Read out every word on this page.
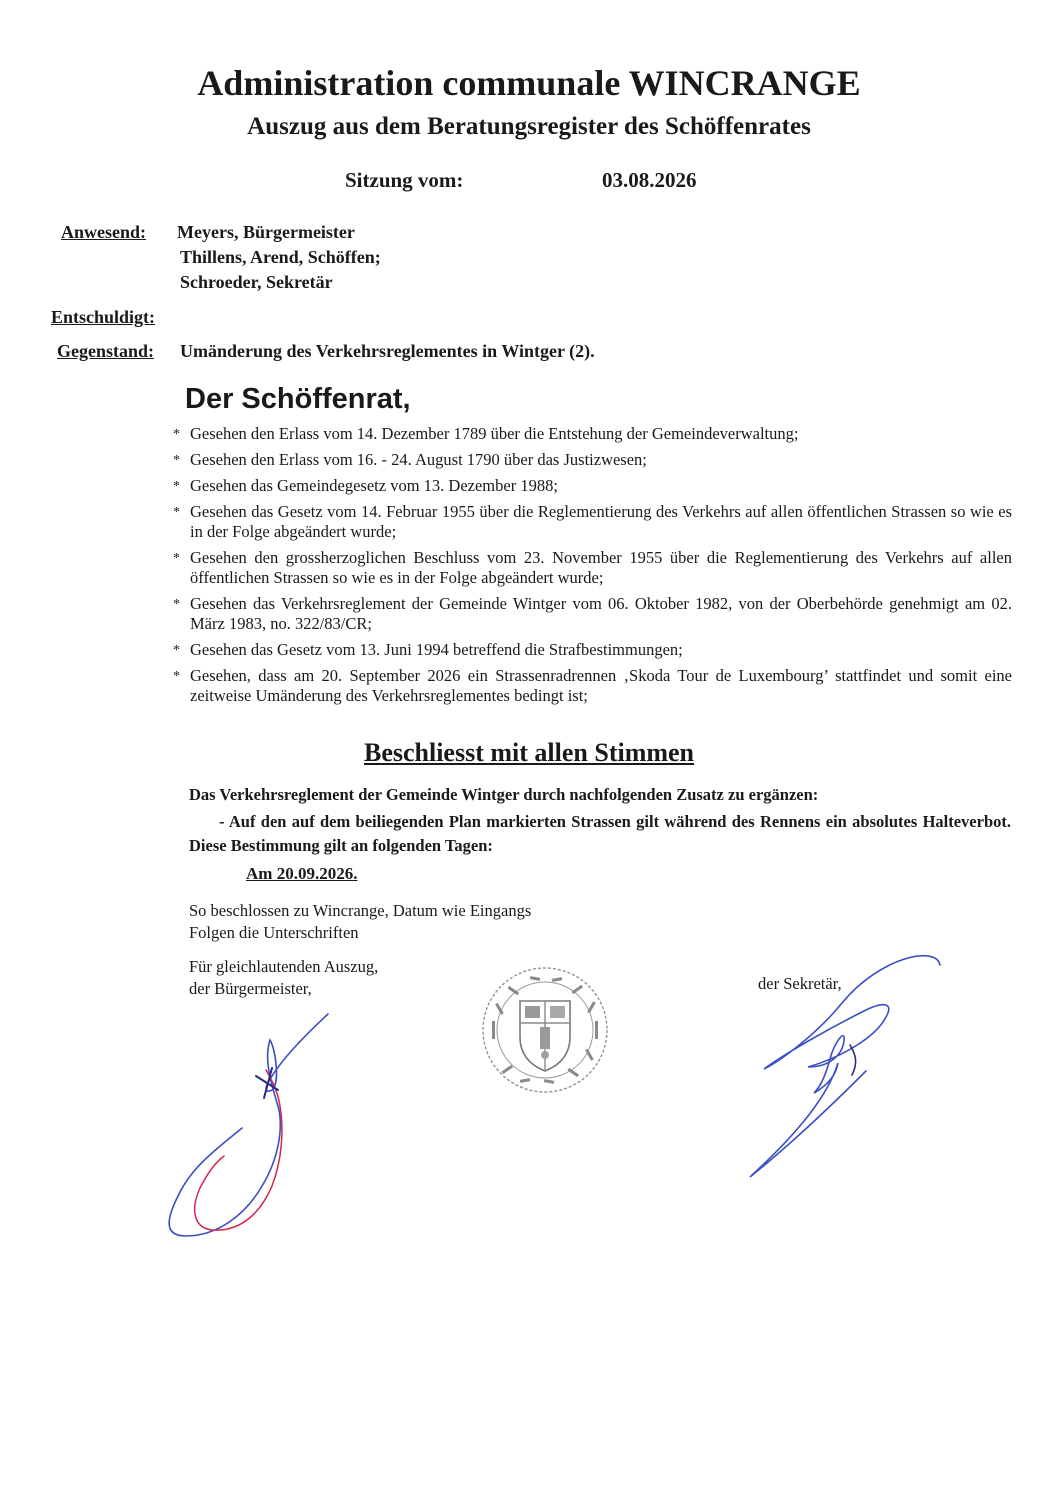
Administration communale WINCRANGE
Auszug aus dem Beratungsregister des Schöffenrates
Sitzung vom:	03.08.2026
Anwesend: Meyers, Bürgermeister
Thillens, Arend, Schöffen;
Schroeder, Sekretär
Entschuldigt:
Gegenstand: Umänderung des Verkehrsreglementes in Wintger (2).
Der Schöffenrat,
* Gesehen den Erlass vom 14. Dezember 1789 über die Entstehung der Gemeindeverwaltung;
* Gesehen den Erlass vom 16. - 24. August 1790 über das Justizwesen;
* Gesehen das Gemeindegesetz vom 13. Dezember 1988;
* Gesehen das Gesetz vom 14. Februar 1955 über die Reglementierung des Verkehrs auf allen öffentlichen Strassen so wie es in der Folge abgeändert wurde;
* Gesehen den grossherzoglichen Beschluss vom 23. November 1955 über die Reglementierung des Verkehrs auf allen öffentlichen Strassen so wie es in der Folge abgeändert wurde;
* Gesehen das Verkehrsreglement der Gemeinde Wintger vom 06. Oktober 1982, von der Oberbehörde genehmigt am 02. März 1983, no. 322/83/CR;
* Gesehen das Gesetz vom 13. Juni 1994 betreffend die Strafbestimmungen;
* Gesehen, dass am 20. September 2026 ein Strassenradrennen ‚Skoda Tour de Luxembourg’ stattfindet und somit eine zeitweise Umänderung des Verkehrsreglementes bedingt ist;
Beschliesst mit allen Stimmen
Das Verkehrsreglement der Gemeinde Wintger durch nachfolgenden Zusatz zu ergänzen:
- Auf den auf dem beiliegenden Plan markierten Strassen gilt während des Rennens ein absolutes Halteverbot. Diese Bestimmung gilt an folgenden Tagen:
Am 20.09.2026.
So beschlossen zu Wincrange, Datum wie Eingangs
Folgen die Unterschriften
Für gleichlautenden Auszug,
der Bürgermeister,	der Sekretär,
